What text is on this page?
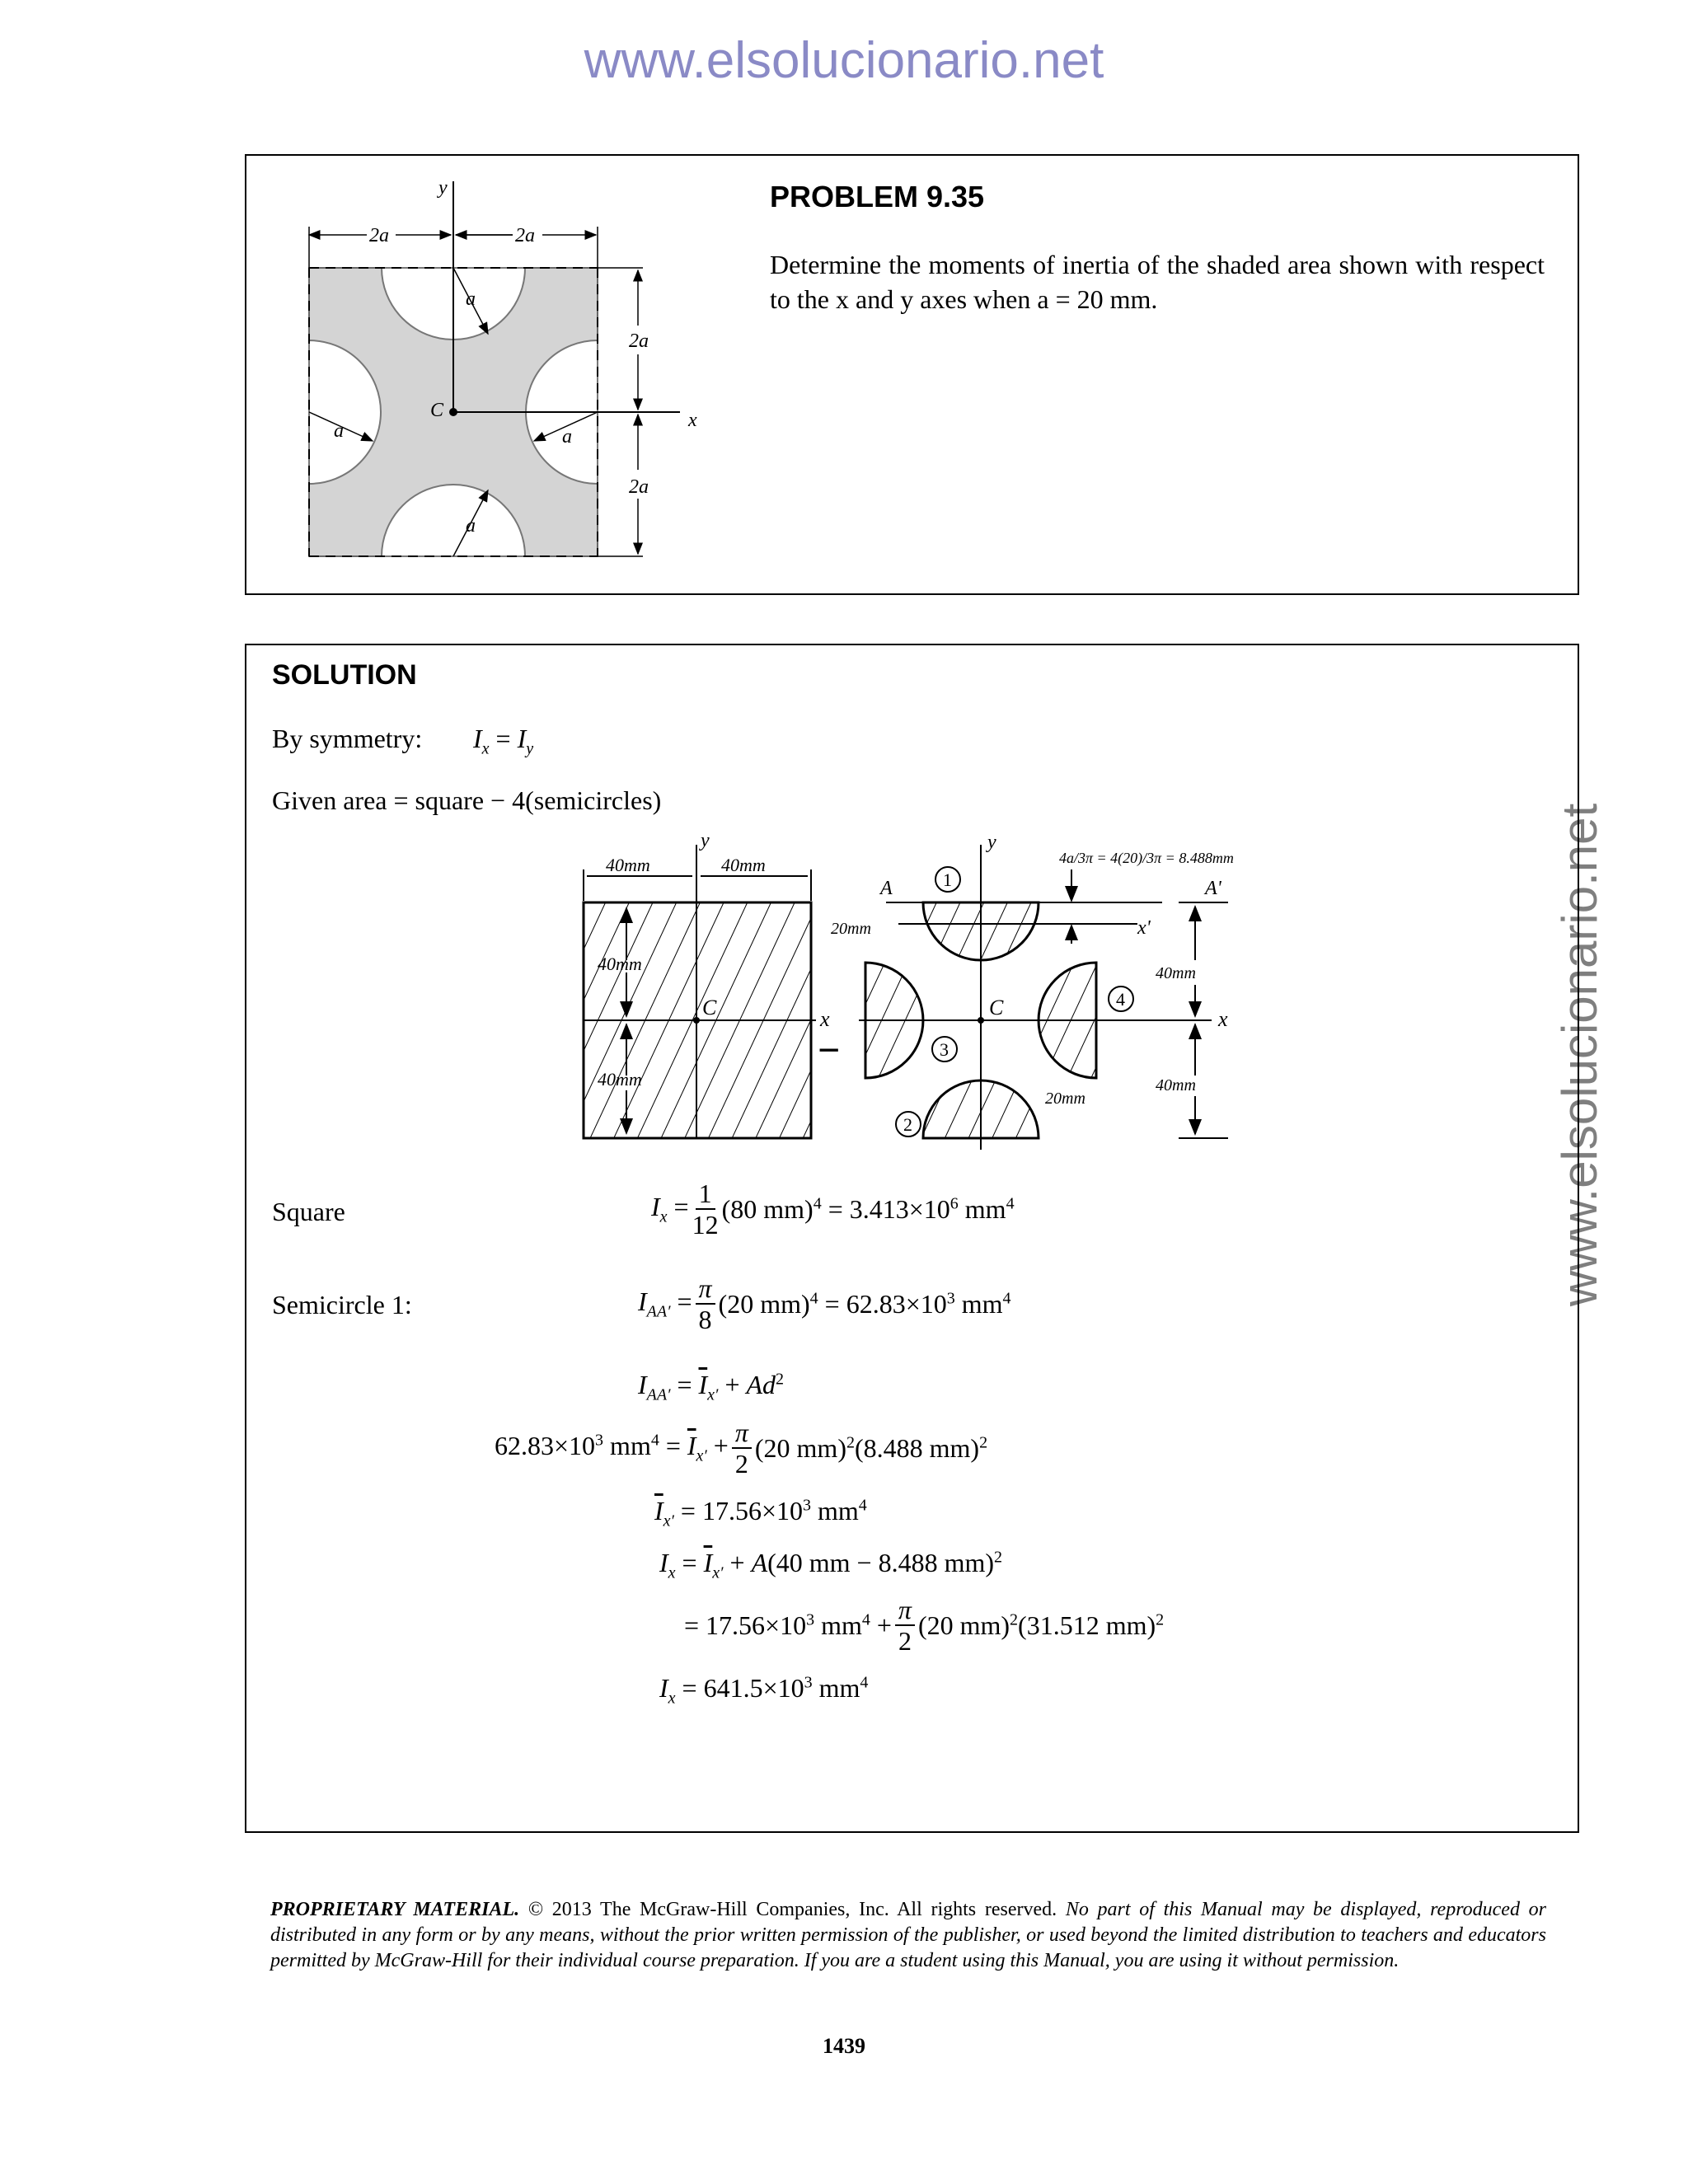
www.elsolucionario.net
www.elsolucionario.net
y
x
C
2a	2a
2a
2a
a
a
a	a
PROBLEM 9.35
Determine the moments of inertia of the shaded area shown with respect to the x and y axes when a = 20 mm.
SOLUTION
By symmetry: $I_x = I_y$
Given area = square − 4(semicircles)
40mm	40mm
y
C	x
40mm
40mm
−
y
C	x
A	A'
x'
4a/3π = 4(20)/3π = 8.488mm
20mm
20mm
40mm
40mm
1
2
3
4
Square	$I_x = \frac{1}{12} (80$ $mm)^4 = 3.413\times 10^6$ $mm^4$
Semicircle 1:	$I_{AA'} = \frac{\pi}{8} (20$ $mm)^4 = 62.83\times 10^3$ $mm^4$
$I_{AA'} = \overline{I}_{x'} + Ad^2$
$62.83\times 10^3$ $mm^4 = \overline{I}_{x'} + \frac{\pi}{2} (20$ mm)$^2$(8.488 mm)$^2$
$\overline{I}_{x'} = 17.56\times 10^3$ $mm^4$
$I_x = \overline{I}_{x'} + A(40$ mm − 8.488 mm)$^2$
= $17.56\times 10^3$ $mm^4 + \frac{\pi}{2} (20$ mm)$^2$(31.512 mm)$^2$
$I_x = 641.5\times 10^3$ $mm^4$
PROPRIETARY MATERIAL. © 2013 The McGraw-Hill Companies, Inc. All rights reserved. No part of this Manual may be displayed, reproduced or distributed in any form or by any means, without the prior written permission of the publisher, or used beyond the limited distribution to teachers and educators permitted by McGraw-Hill for their individual course preparation. If you are a student using this Manual, you are using it without permission.
1439
